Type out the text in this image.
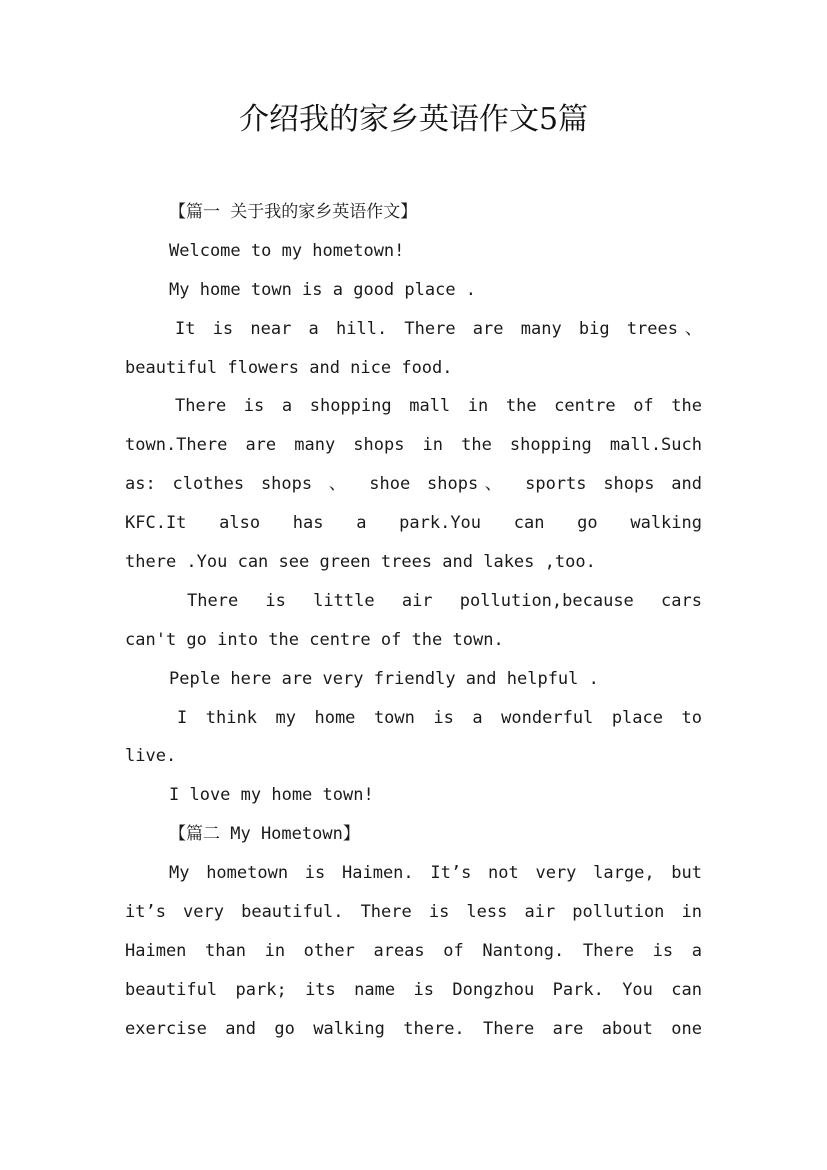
介绍我的家乡英语作文5篇
【篇一 关于我的家乡英语作文】
Welcome to my hometown!
My home town is a good place .
It is near a hill. There are many big trees、
beautiful flowers and nice food.
There is a shopping mall in the centre of the
town.There are many shops in the shopping mall.Such
as: clothes shops 、 shoe shops、 sports shops and
KFC.It also has a park.You can go walking
there .You can see green trees and lakes ,too.
There is little air pollution,because cars
can't go into the centre of the town.
Peple here are very friendly and helpful .
I think my home town is a wonderful place to
live.
I love my home town!
【篇二 My Hometown】
My hometown is Haimen. It’s not very large, but
it’s very beautiful. There is less air pollution in
Haimen than in other areas of Nantong. There is a
beautiful park; its name is Dongzhou Park. You can
exercise and go walking there. There are about one
